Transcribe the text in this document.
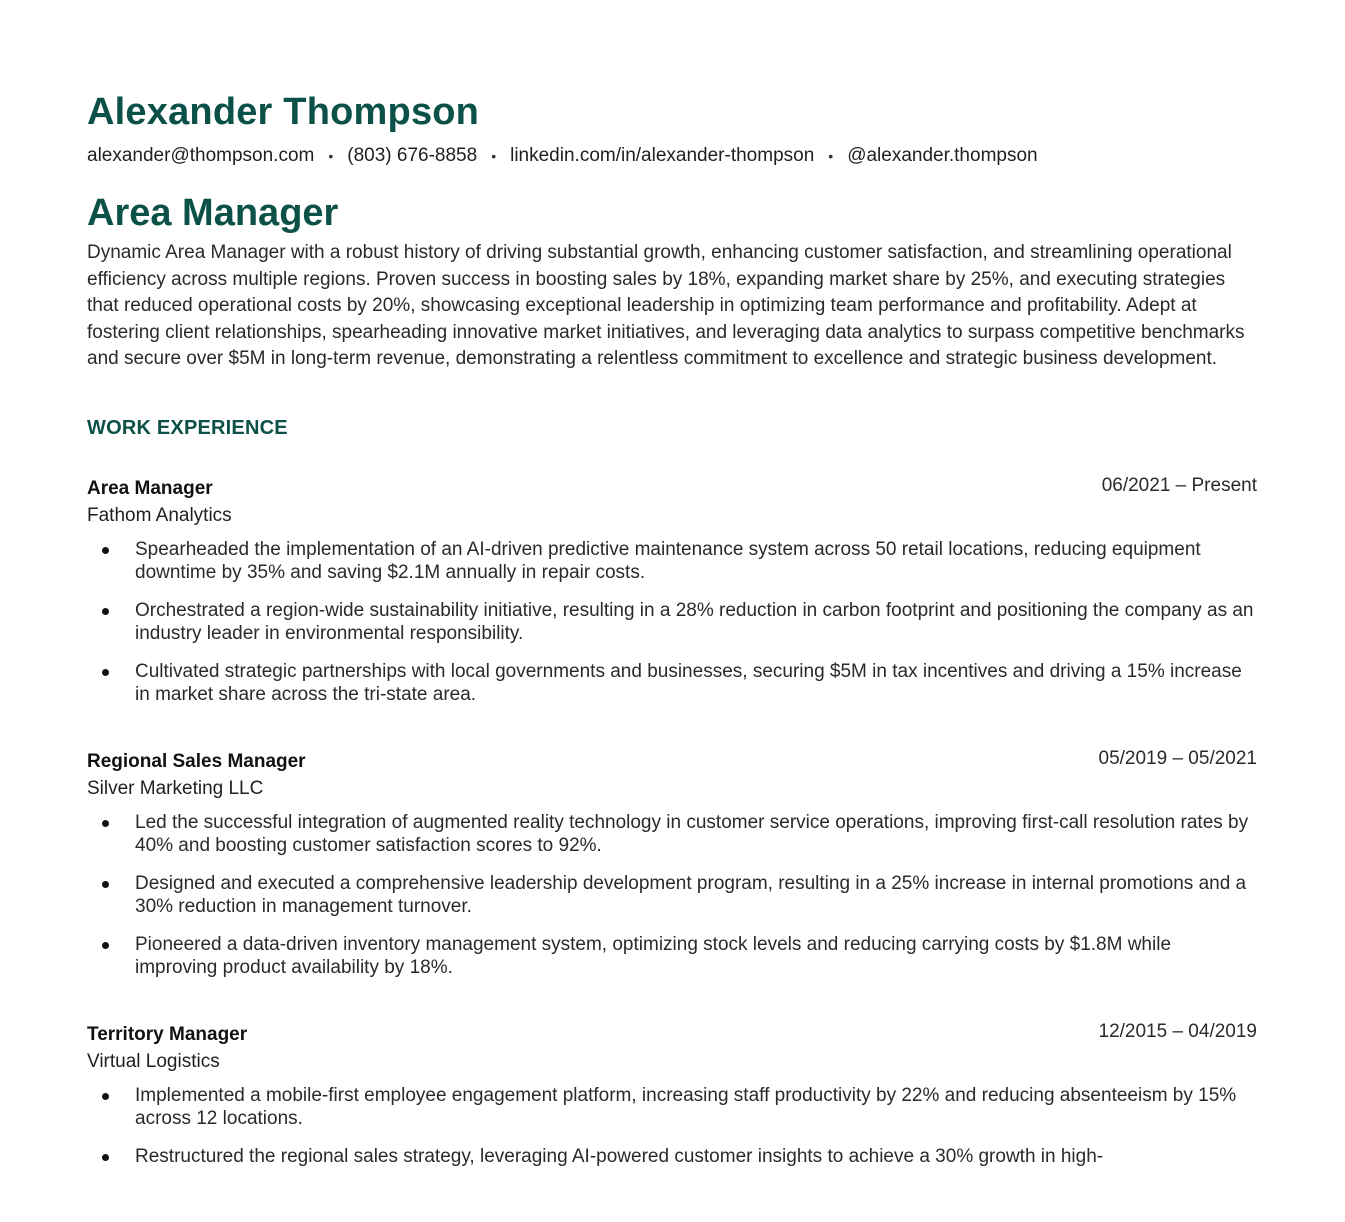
Alexander Thompson
alexander@thompson.com • (803) 676-8858 • linkedin.com/in/alexander-thompson • @alexander.thompson
Area Manager
Dynamic Area Manager with a robust history of driving substantial growth, enhancing customer satisfaction, and streamlining operational efficiency across multiple regions. Proven success in boosting sales by 18%, expanding market share by 25%, and executing strategies that reduced operational costs by 20%, showcasing exceptional leadership in optimizing team performance and profitability. Adept at fostering client relationships, spearheading innovative market initiatives, and leveraging data analytics to surpass competitive benchmarks and secure over $5M in long-term revenue, demonstrating a relentless commitment to excellence and strategic business development.
WORK EXPERIENCE
Area Manager	06/2021 – Present
Fathom Analytics
Spearheaded the implementation of an AI-driven predictive maintenance system across 50 retail locations, reducing equipment downtime by 35% and saving $2.1M annually in repair costs.
Orchestrated a region-wide sustainability initiative, resulting in a 28% reduction in carbon footprint and positioning the company as an industry leader in environmental responsibility.
Cultivated strategic partnerships with local governments and businesses, securing $5M in tax incentives and driving a 15% increase in market share across the tri-state area.
Regional Sales Manager	05/2019 – 05/2021
Silver Marketing LLC
Led the successful integration of augmented reality technology in customer service operations, improving first-call resolution rates by 40% and boosting customer satisfaction scores to 92%.
Designed and executed a comprehensive leadership development program, resulting in a 25% increase in internal promotions and a 30% reduction in management turnover.
Pioneered a data-driven inventory management system, optimizing stock levels and reducing carrying costs by $1.8M while improving product availability by 18%.
Territory Manager	12/2015 – 04/2019
Virtual Logistics
Implemented a mobile-first employee engagement platform, increasing staff productivity by 22% and reducing absenteeism by 15% across 12 locations.
Restructured the regional sales strategy, leveraging AI-powered customer insights to achieve a 30% growth in high-
